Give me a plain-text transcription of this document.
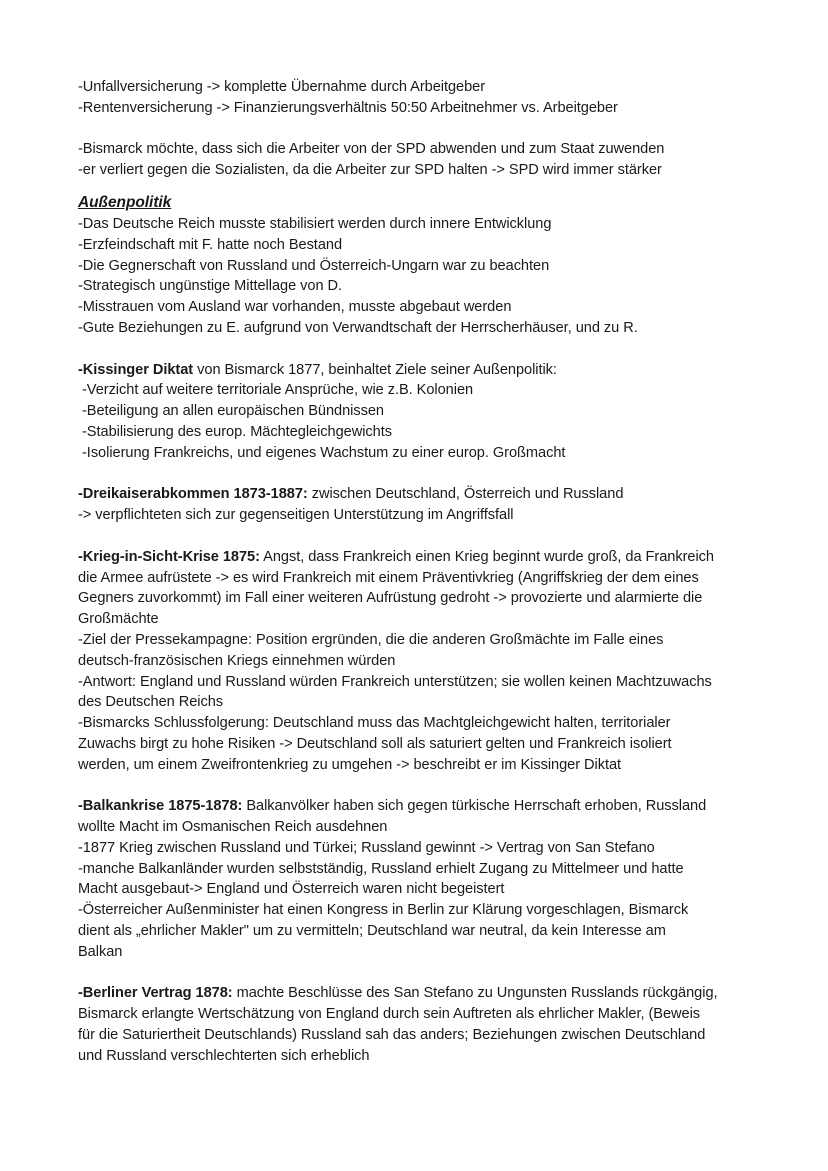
-Unfallversicherung -> komplette Übernahme durch Arbeitgeber

-Rentenversicherung -> Finanzierungsverhältnis 50:50 Arbeitnehmer vs. Arbeitgeber

-Bismarck möchte, dass sich die Arbeiter von der SPD abwenden und zum Staat zuwenden

-er verliert gegen die Sozialisten, da die Arbeiter zur SPD halten -> SPD wird immer stärker

Außenpolitik

-Das Deutsche Reich musste stabilisiert werden durch innere Entwicklung

-Erzfeindschaft mit F. hatte noch Bestand

-Die Gegnerschaft von Russland und Österreich-Ungarn war zu beachten

-Strategisch ungünstige Mittellage von D.

-Misstrauen vom Ausland war vorhanden, musste abgebaut werden

-Gute Beziehungen zu E. aufgrund von Verwandtschaft der Herrscherhäuser, und zu R.

-Kissinger Diktat von Bismarck 1877, beinhaltet Ziele seiner Außenpolitik:

-Verzicht auf weitere territoriale Ansprüche, wie z.B. Kolonien

-Beteiligung an allen europäischen Bündnissen

-Stabilisierung des europ. Mächtegleichgewichts

-Isolierung Frankreichs, und eigenes Wachstum zu einer europ. Großmacht

-Dreikaiserabkommen 1873-1887: zwischen Deutschland, Österreich und Russland

-> verpflichteten sich zur gegenseitigen Unterstützung im Angriffsfall

-Krieg-in-Sicht-Krise 1875: Angst, dass Frankreich einen Krieg beginnt wurde groß, da Frankreich

die Armee aufrüstete -> es wird Frankreich mit einem Präventivkrieg (Angriffskrieg der dem eines

Gegners zuvorkommt) im Fall einer weiteren Aufrüstung gedroht -> provozierte und alarmierte die

Großmächte

-Ziel der Pressekampagne: Position ergründen, die die anderen Großmächte im Falle eines

deutsch-französischen Kriegs einnehmen würden

-Antwort: England und Russland würden Frankreich unterstützen; sie wollen keinen Machtzuwachs

des Deutschen Reichs

-Bismarcks Schlussfolgerung: Deutschland muss das Machtgleichgewicht halten, territorialer

Zuwachs birgt zu hohe Risiken -> Deutschland soll als saturiert gelten und Frankreich isoliert

werden, um einem Zweifrontenkrieg zu umgehen -> beschreibt er im Kissinger Diktat

-Balkankrise 1875-1878: Balkanvölker haben sich gegen türkische Herrschaft erhoben, Russland

wollte Macht im Osmanischen Reich ausdehnen

-1877 Krieg zwischen Russland und Türkei; Russland gewinnt -> Vertrag von San Stefano

-manche Balkanländer wurden selbstständig, Russland erhielt Zugang zu Mittelmeer und hatte

Macht ausgebaut-> England und Österreich waren nicht begeistert

-Österreicher Außenminister hat einen Kongress in Berlin zur Klärung vorgeschlagen, Bismarck

dient als „ehrlicher Makler" um zu vermitteln; Deutschland war neutral, da kein Interesse am

Balkan

-Berliner Vertrag 1878: machte Beschlüsse des San Stefano zu Ungunsten Russlands rückgängig,

Bismarck erlangte Wertschätzung von England durch sein Auftreten als ehrlicher Makler, (Beweis

für die Saturiertheit Deutschlands) Russland sah das anders; Beziehungen zwischen Deutschland

und Russland verschlechterten sich erheblich
